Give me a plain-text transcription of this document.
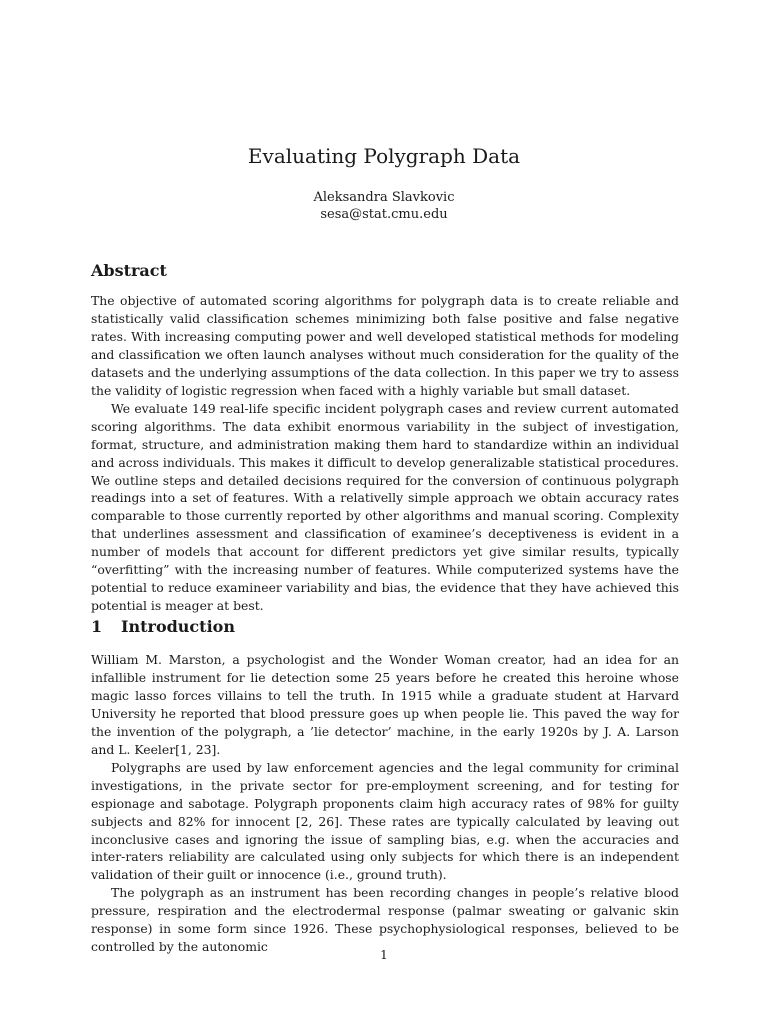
Evaluating Polygraph Data
Aleksandra Slavkovic
sesa@stat.cmu.edu
Abstract

The objective of automated scoring algorithms for polygraph data is to create reliable and statistically valid classification schemes minimizing both false positive and false negative rates. With increasing computing power and well developed statistical methods for modeling and classification we often launch analyses without much consideration for the quality of the datasets and the underlying assumptions of the data collection. In this paper we try to assess the validity of logistic regression when faced with a highly variable but small dataset.

We evaluate 149 real-life specific incident polygraph cases and review current automated scoring algorithms. The data exhibit enormous variability in the subject of investigation, format, structure, and administration making them hard to standardize within an individual and across individuals. This makes it difficult to develop generalizable statistical procedures. We outline steps and detailed decisions required for the conversion of continuous polygraph readings into a set of features. With a relativelly simple approach we obtain accuracy rates comparable to those currently reported by other algorithms and manual scoring. Complexity that underlines assessment and classification of examinee’s deceptiveness is evident in a number of models that account for different predictors yet give similar results, typically “overfitting” with the increasing number of features. While computerized systems have the potential to reduce examineer variability and bias, the evidence that they have achieved this potential is meager at best.

1 Introduction

William M. Marston, a psychologist and the Wonder Woman creator, had an idea for an infallible instrument for lie detection some 25 years before he created this heroine whose magic lasso forces villains to tell the truth. In 1915 while a graduate student at Harvard University he reported that blood pressure goes up when people lie. This paved the way for the invention of the polygraph, a ’lie detector’ machine, in the early 1920s by J. A. Larson and L. Keeler[1, 23].

Polygraphs are used by law enforcement agencies and the legal community for criminal investigations, in the private sector for pre-employment screening, and for testing for espionage and sabotage. Polygraph proponents claim high accuracy rates of 98% for guilty subjects and 82% for innocent [2, 26]. These rates are typically calculated by leaving out inconclusive cases and ignoring the issue of sampling bias, e.g. when the accuracies and inter-raters reliability are calculated using only subjects for which there is an independent validation of their guilt or innocence (i.e., ground truth).

The polygraph as an instrument has been recording changes in people’s relative blood pressure, respiration and the electrodermal response (palmar sweating or galvanic skin response) in some form since 1926. These psychophysiological responses, believed to be controlled by the autonomic

1
